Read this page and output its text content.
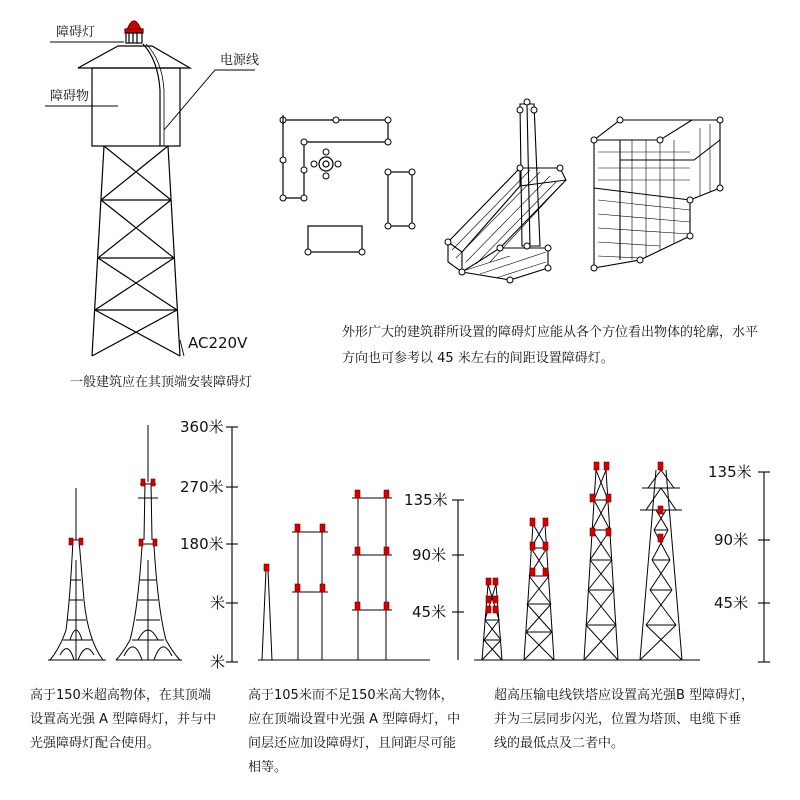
障碍灯
障碍物
电源线
AC220V
一般建筑应在其顶端安装障碍灯
外形广大的建筑群所设置的障碍灯应能从各个方位看出物体的轮廓，水平
方向也可参考以 45 米左右的间距设置障碍灯。
360米
270米
180米
米
米
135米
90米
45米
135米
90米
45米
高于150米超高物体，在其顶端
设置高光强 A 型障碍灯，并与中
光强障碍灯配合使用。
高于105米而不足150米高大物体，
应在顶端设置中光强 A 型障碍灯，中
间层还应加设障碍灯，且间距尽可能
相等。
超高压输电线铁塔应设置高光强B 型障碍灯，
并为三层同步闪光，位置为塔顶、电缆下垂
线的最低点及二者中。
